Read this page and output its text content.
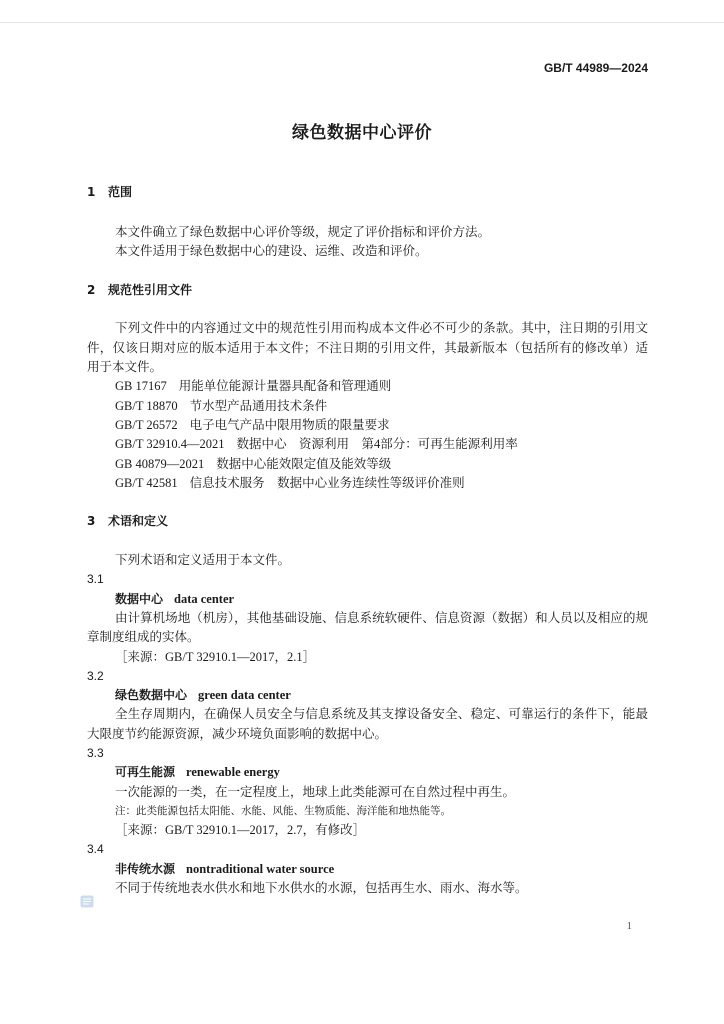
GB/T 44989—2024
绿色数据中心评价
1 范围

本文件确立了绿色数据中心评价等级，规定了评价指标和评价方法。

本文件适用于绿色数据中心的建设、运维、改造和评价。

2 规范性引用文件

下列文件中的内容通过文中的规范性引用而构成本文件必不可少的条款。其中，注日期的引用文件，仅该日期对应的版本适用于本文件；不注日期的引用文件，其最新版本（包括所有的修改单）适用于本文件。

GB 17167 用能单位能源计量器具配备和管理通则
GB/T 18870 节水型产品通用技术条件
GB/T 26572 电子电气产品中限用物质的限量要求
GB/T 32910.4—2021 数据中心　资源利用　第4部分：可再生能源利用率
GB 40879—2021 数据中心能效限定值及能效等级
GB/T 42581 信息技术服务　数据中心业务连续性等级评价准则
3 术语和定义

下列术语和定义适用于本文件。

3.1
数据中心 data center

由计算机场地（机房），其他基础设施、信息系统软硬件、信息资源（数据）和人员以及相应的规章制度组成的实体。

［来源：GB/T 32910.1—2017，2.1］
3.2
绿色数据中心 green data center

全生存周期内，在确保人员安全与信息系统及其支撑设备安全、稳定、可靠运行的条件下，能最大限度节约能源资源，减少环境负面影响的数据中心。

3.3
可再生能源 renewable energy

一次能源的一类，在一定程度上，地球上此类能源可在自然过程中再生。

注：此类能源包括太阳能、水能、风能、生物质能、海洋能和地热能等。
［来源：GB/T 32910.1—2017，2.7，有修改］
3.4
非传统水源 nontraditional water source

不同于传统地表水供水和地下水供水的水源，包括再生水、雨水、海水等。

1
